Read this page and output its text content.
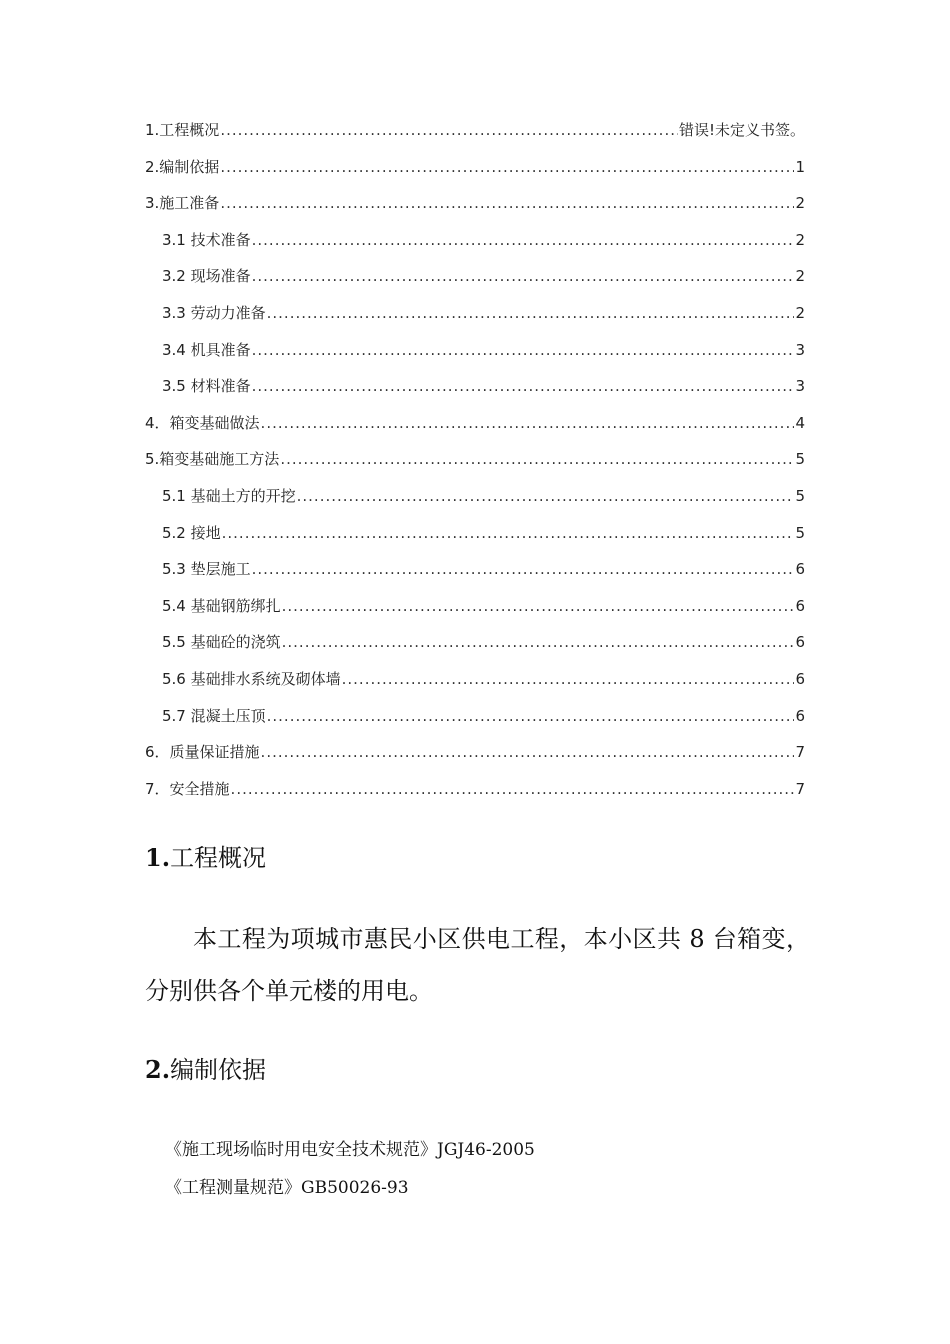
1.工程概况 .....	错误!未定义书签。
2.编制依据 .....	1
3.施工准备 .....	2
3.1 技术准备 .....	2
3.2 现场准备 .....	2
3.3 劳动力准备 .....	2
3.4 机具准备 .....	3
3.5 材料准备 .....	3
4．箱变基础做法 .....	4
5.箱变基础施工方法 .....	5
5.1 基础土方的开挖 .....	5
5.2 接地 .....	5
5.3 垫层施工 .....	6
5.4 基础钢筋绑扎 .....	6
5.5 基础砼的浇筑 .....	6
5.6 基础排水系统及砌体墙 .....	6
5.7 混凝土压顶 .....	6
6．质量保证措施 .....	7
7．安全措施 .....	7
1.工程概况

本工程为项城市惠民小区供电工程，本小区共 8 台箱变，分别供各个单元楼的用电。

2.编制依据
《施工现场临时用电安全技术规范》JGJ46-2005
《工程测量规范》GB50026-93
